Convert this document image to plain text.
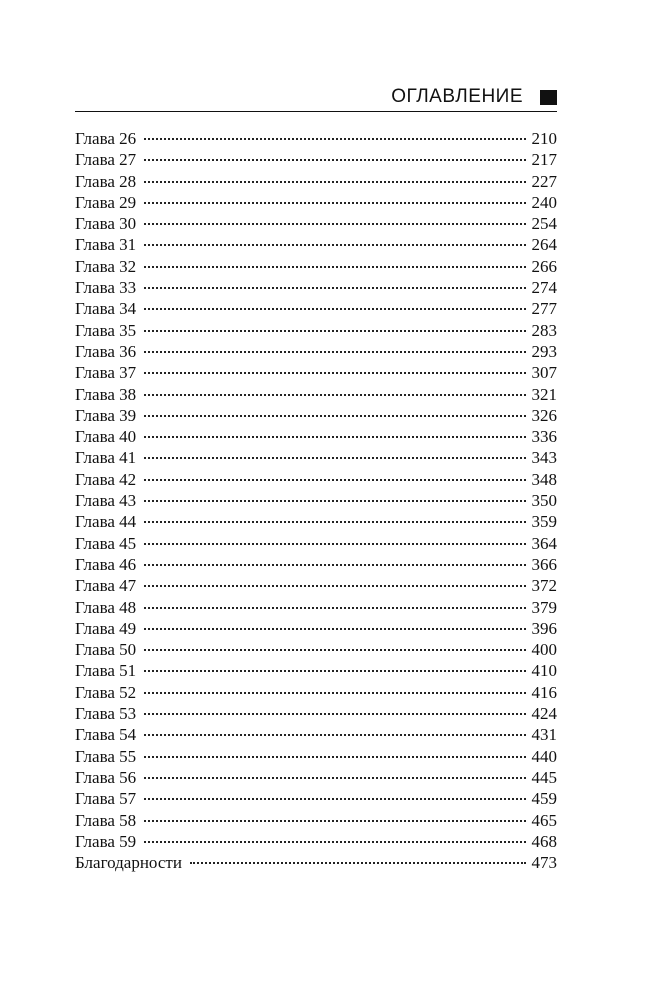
ОГЛАВЛЕНИЕ
Глава 26	210
Глава 27	217
Глава 28	227
Глава 29	240
Глава 30	254
Глава 31	264
Глава 32	266
Глава 33	274
Глава 34	277
Глава 35	283
Глава 36	293
Глава 37	307
Глава 38	321
Глава 39	326
Глава 40	336
Глава 41	343
Глава 42	348
Глава 43	350
Глава 44	359
Глава 45	364
Глава 46	366
Глава 47	372
Глава 48	379
Глава 49	396
Глава 50	400
Глава 51	410
Глава 52	416
Глава 53	424
Глава 54	431
Глава 55	440
Глава 56	445
Глава 57	459
Глава 58	465
Глава 59	468
Благодарности	473
